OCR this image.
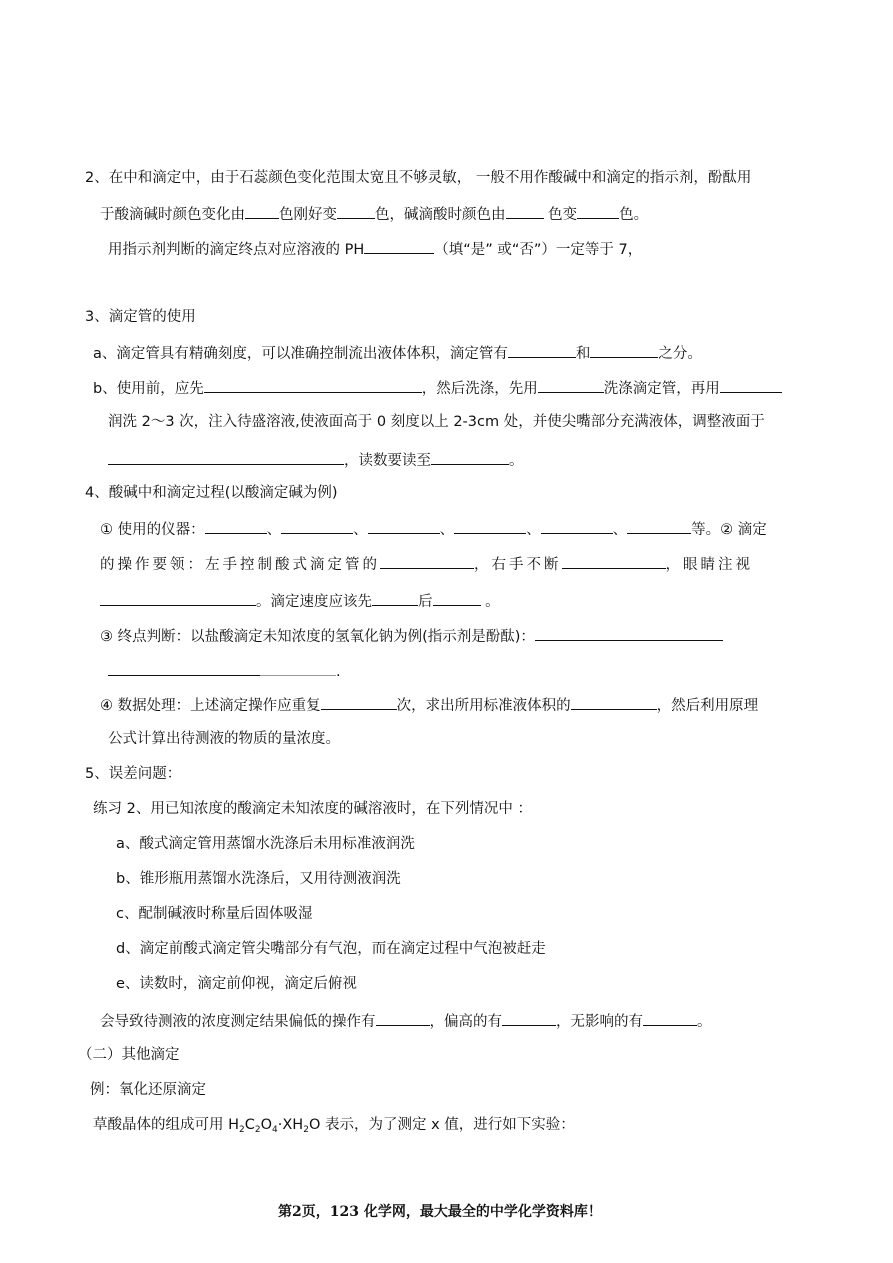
2、在中和滴定中，由于石蕊颜色变化范围太宽且不够灵敏， 一般不用作酸碱中和滴定的指示剂，酚酞用
于酸滴碱时颜色变化由 色刚好变	色，碱滴酸时颜色由	色变	色。
用指示剂判断的滴定终点对应溶液的 PH	（填“是” 或“否”）一定等于 7，
3、滴定管的使用
a、滴定管具有精确刻度，可以准确控制流出液体体积，滴定管有	和	之分。
b、使用前，应先	，然后洗涤，先用	洗涤滴定管，再用
润洗 2～3 次，注入待盛溶液,使液面高于 0 刻度以上 2-3cm 处，并使尖嘴部分充满液体，调整液面于
，读数要读至	。
4、酸碱中和滴定过程(以酸滴定碱为例)
① 使用的仪器：	、	、	、	、	、	等。② 滴定
的操作要领：左手控制酸式滴定管的	，右手不断	，眼睛注视
。滴定速度应该先	后	。
③ 终点判断：以盐酸滴定未知浓度的氢氧化钠为例(指示剂是酚酞)：
.
④ 数据处理：上述滴定操作应重复	次，求出所用标准液体积的	，然后利用原理
公式计算出待测液的物质的量浓度。
5、误差问题：
练习 2、用已知浓度的酸滴定未知浓度的碱溶液时，在下列情况中 ：
a、酸式滴定管用蒸馏水洗涤后未用标准液润洗
b、锥形瓶用蒸馏水洗涤后，又用待测液润洗
c、配制碱液时称量后固体吸湿
d、滴定前酸式滴定管尖嘴部分有气泡，而在滴定过程中气泡被赶走
e、读数时，滴定前仰视，滴定后俯视
会导致待测液的浓度测定结果偏低的操作有	，偏高的有	，无影响的有	。
（二）其他滴定
例：氧化还原滴定
草酸晶体的组成可用 $H_2C_2O_4\cdot XH_2O$ 表示，为了测定 x 值，进行如下实验：
第2页，123 化学网，最大最全的中学化学资料库！
